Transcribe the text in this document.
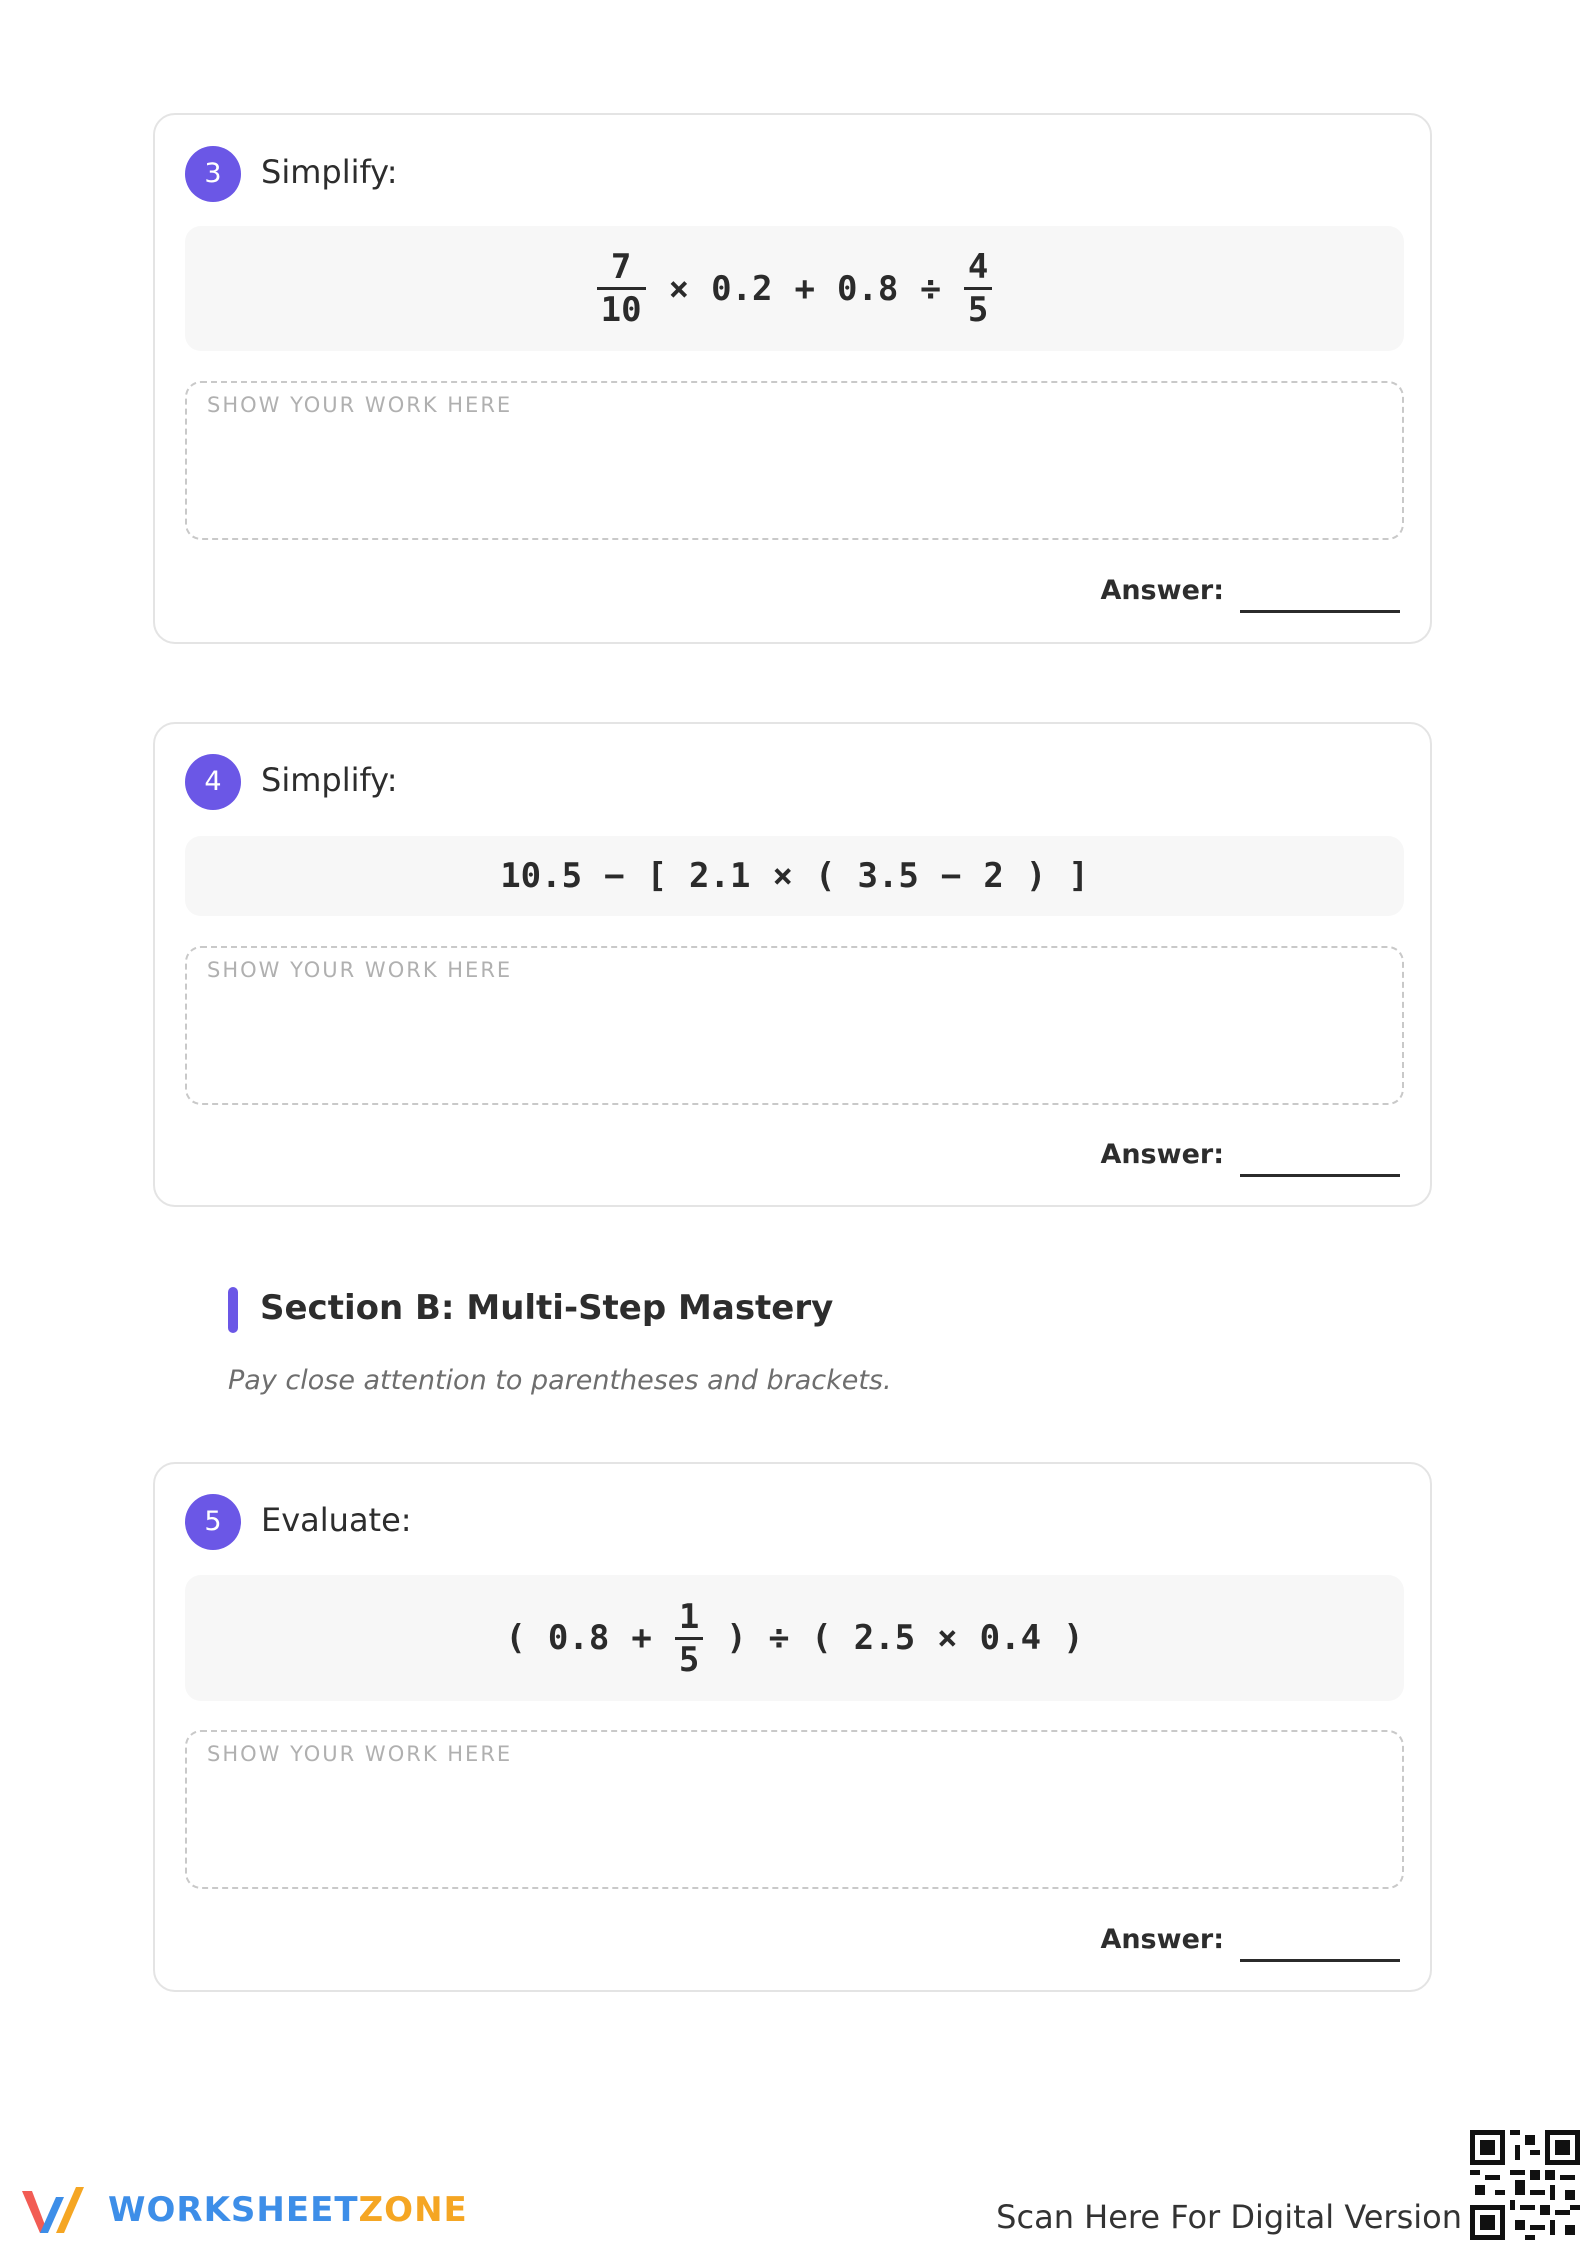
3	Simplify:
$\frac{7}{10} \times 0.2 + 0.8 \div \frac{4}{5}$
SHOW YOUR WORK HERE
Answer:
4	Simplify:
10.5 − [ 2.1 × ( 3.5 − 2 ) ]
SHOW YOUR WORK HERE
Answer:
Section B: Multi-Step Mastery
Pay close attention to parentheses and brackets.
5	Evaluate:
( $0.8 + \frac{1}{5}$ ) ÷ ( 2.5 × 0.4 )
SHOW YOUR WORK HERE
Answer:
WORKSHEETZONE	Scan Here For Digital Version
